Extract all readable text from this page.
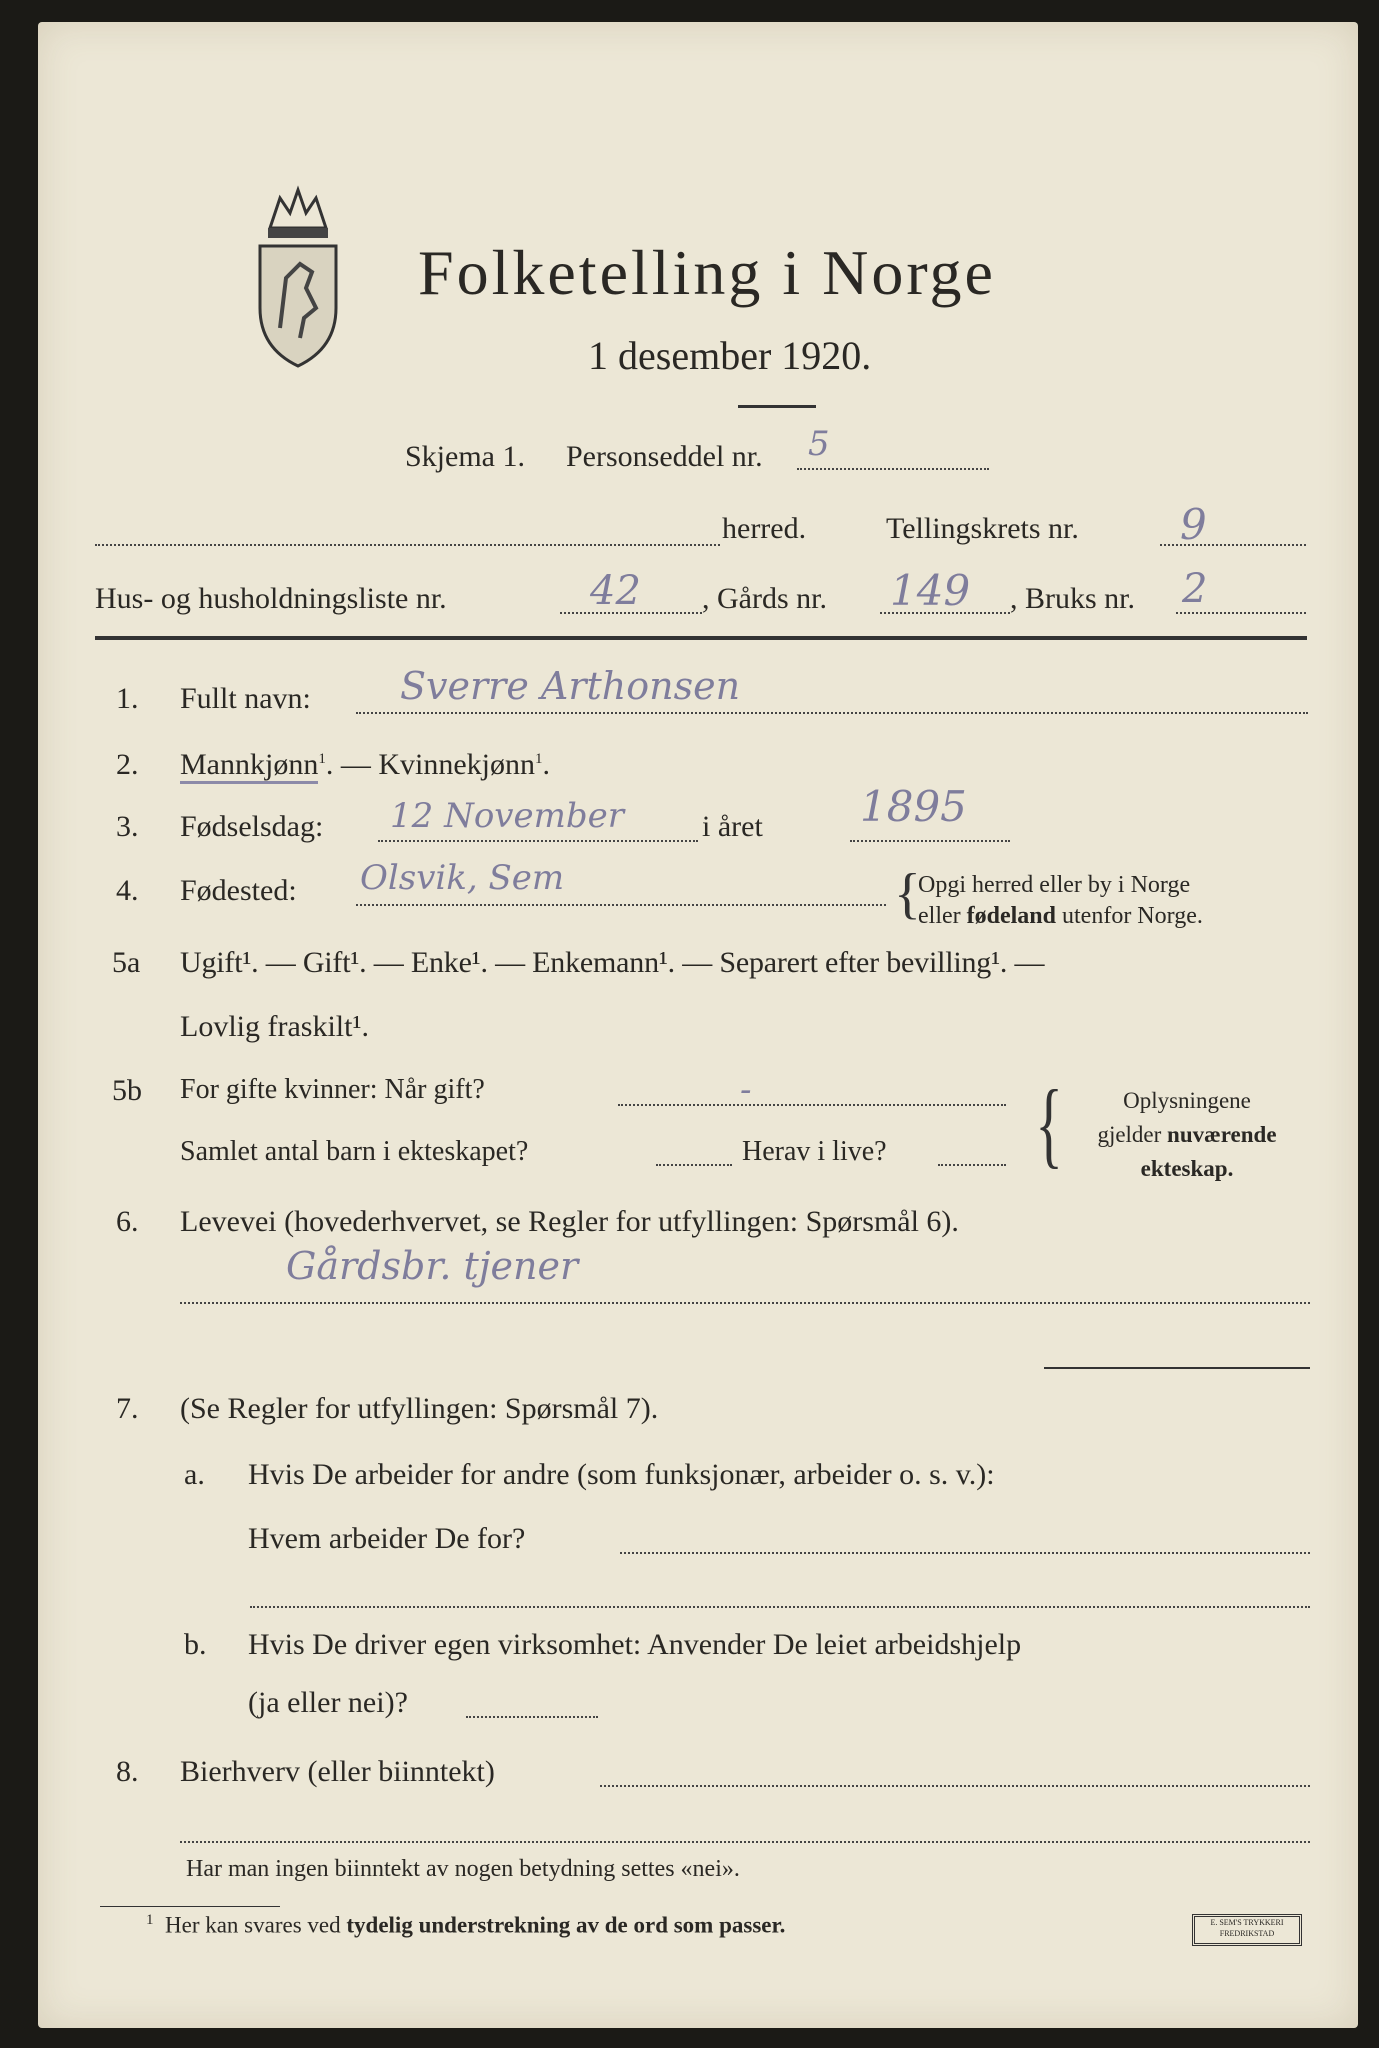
Folketelling i Norge
1 desember 1920.
Skjema 1. Personseddel nr. 5
herred.	Tellingskrets nr. 9
Hus- og husholdningsliste nr.	42 , Gårds nr. 149 , Bruks nr. 2
1. Fullt navn: Sverre Arthonsen
2. Mannkjønn$^1$. — Kvinnekjønn$^1$.
3. Fødselsdag: 12 November	i året 1895
4. Fødested: Olsvik, Sem	{
Opgi herred eller by i Norge
eller fødeland utenfor Norge.
5a Ugift¹. — Gift¹. — Enke¹. — Enkemann¹. — Separert efter bevilling¹. —
Lovlig fraskilt¹.
5b For gifte kvinner: Når gift?	-
Samlet antal barn i ekteskapet?	Herav i live? {	Oplysningene
gjelder nuværende
ekteskap.
6. Levevei (hovederhvervet, se Regler for utfyllingen: Spørsmål 6).
Gårdsbr. tjener
7. (Se Regler for utfyllingen: Spørsmål 7).
a. Hvis De arbeider for andre (som funksjonær, arbeider o. s. v.):
Hvem arbeider De for?
b. Hvis De driver egen virksomhet: Anvender De leiet arbeidshjelp
(ja eller nei)?
8. Bierhverv (eller biinntekt)
Har man ingen biinntekt av nogen betydning settes «nei».
$^1$ Her kan svares ved tydelig understrekning av de ord som passer.	E. SEM'S TRYKKERI FREDRIKSTAD
